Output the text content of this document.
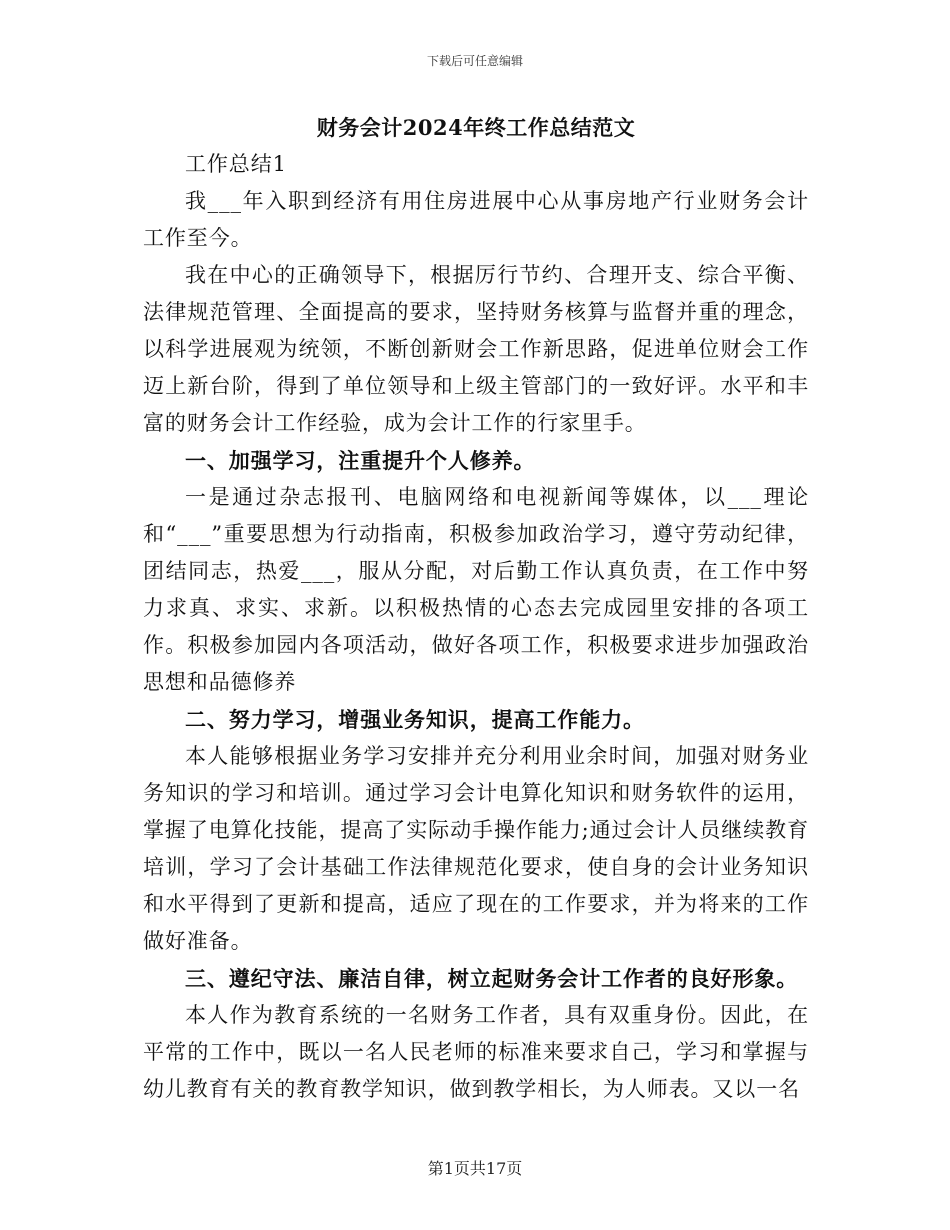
下载后可任意编辑
财务会计2024年终工作总结范文

工作总结1

我___年入职到经济有用住房进展中心从事房地产行业财务会计工作至今。

我在中心的正确领导下，根据厉行节约、合理开支、综合平衡、法律规范管理、全面提高的要求，坚持财务核算与监督并重的理念，以科学进展观为统领，不断创新财会工作新思路，促进单位财会工作迈上新台阶，得到了单位领导和上级主管部门的一致好评。水平和丰富的财务会计工作经验，成为会计工作的行家里手。

一、加强学习，注重提升个人修养。

一是通过杂志报刊、电脑网络和电视新闻等媒体，以___理论和“___”重要思想为行动指南，积极参加政治学习，遵守劳动纪律，团结同志，热爱___，服从分配，对后勤工作认真负责，在工作中努力求真、求实、求新。以积极热情的心态去完成园里安排的各项工作。积极参加园内各项活动，做好各项工作，积极要求进步加强政治思想和品德修养

二、努力学习，增强业务知识，提高工作能力。

本人能够根据业务学习安排并充分利用业余时间，加强对财务业务知识的学习和培训。通过学习会计电算化知识和财务软件的运用，掌握了电算化技能，提高了实际动手操作能力;通过会计人员继续教育培训，学习了会计基础工作法律规范化要求，使自身的会计业务知识和水平得到了更新和提高，适应了现在的工作要求，并为将来的工作做好准备。

三、遵纪守法、廉洁自律，树立起财务会计工作者的良好形象。

本人作为教育系统的一名财务工作者，具有双重身份。因此，在平常的工作中，既以一名人民老师的标准来要求自己，学习和掌握与幼儿教育有关的教育教学知识，做到教学相长，为人师表。又以一名

第1页共17页
